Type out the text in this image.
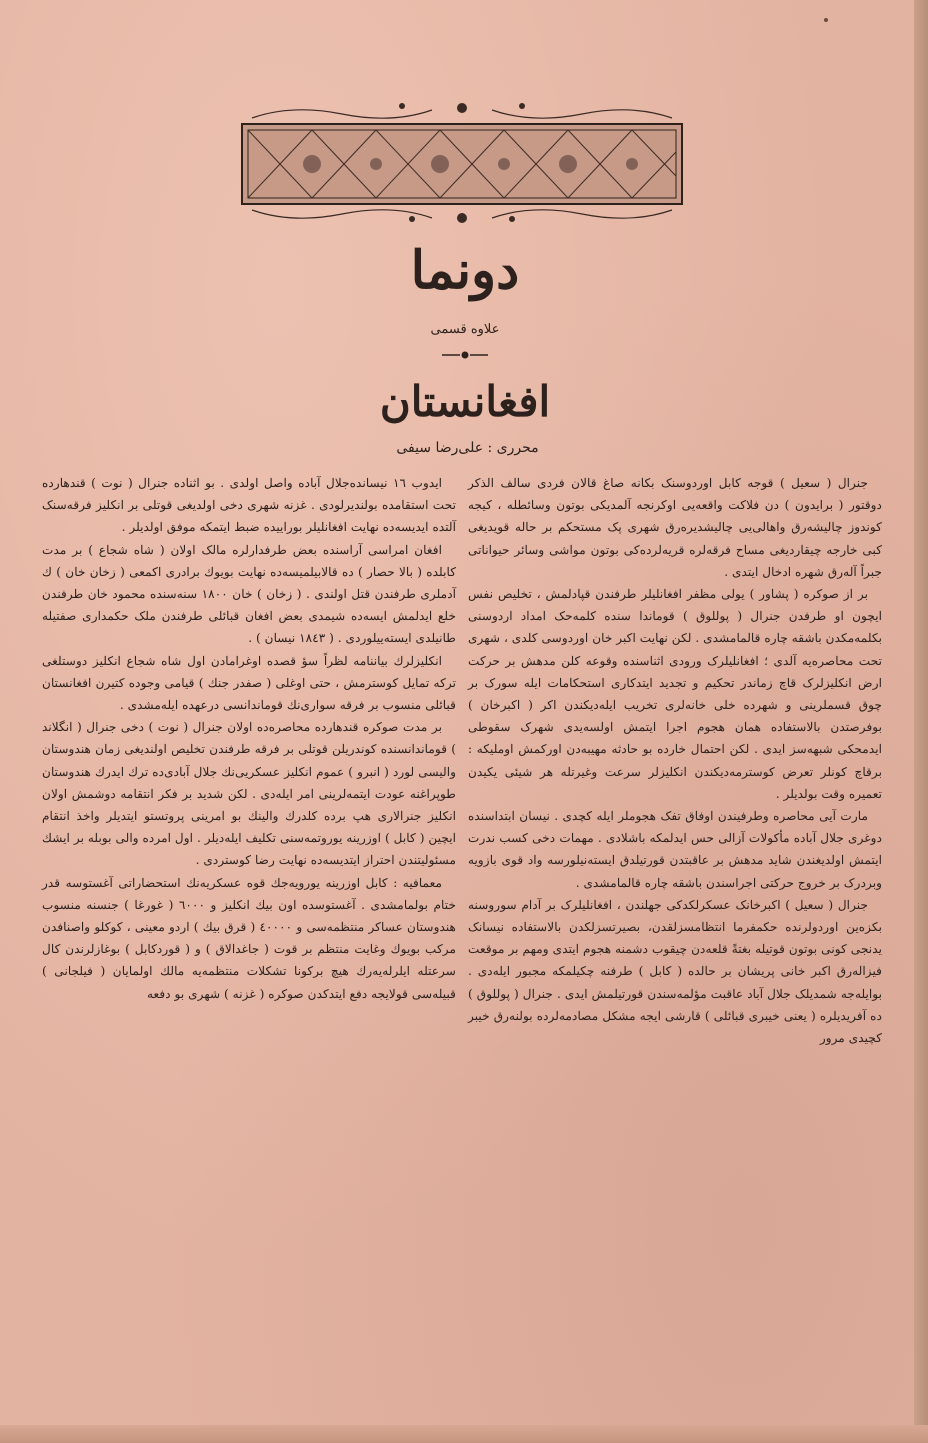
دونما
علاوه قسمی
افغانستان
محرری : علی‌رضا سیفی

جنرال ( سعیل ) قوجه کابل اوردوسنک بکانه صاغ قالان فردی سالف الذکر دوقتور ( برایدون ) دن فلاکت واقعه‌یی اوکرنجه آلمدیکی بوتون وسائطله ، کیجه کوندوز چالیشه‌رق واهالی‌یی چالیشدیره‌رق شهری پک مستحکم بر حاله قویدیغی کبی خارجه چیقاردیغی مساح فرقه‌لره قریه‌لرده‌کی بوتون مواشی وسائر حیواناتی جبراً آله‌رق شهره ادخال ایتدی .

بر از صوکره ( پشاور ) یولی مظفر افغانلیلر طرفندن قپادلمش ، تخلیص نفس ایچون او طرفدن جنرال ( پوللوق ) قوماندا سنده کلمه‌حک امداد اردوسنی بکلمه‌مکدن باشقه چاره قالمامشدی . لکن نهایت اکبر خان اوردوسی کلدی ، شهری تحت محاصره‌یه آلدی ؛ افغانلیلرک ورودی اثناسنده وقوعه کلن مدهش بر حرکت ارض انکلیزلرک قاچ زماندر تحکیم و تجدید ایتدکاری استحکامات ایله سورک بر چوق قسملرینی و شهرده خلی خانه‌لری تخریب ایله‌دیکندن اکر ( اکبرخان ) بوفرصتدن بالاستفاده همان هجوم اجرا ایتمش اولسه‌یدی شهرک سقوطی ایدمحکی شبهه‌سز ایدی . لکن احتمال خارده بو حادثه مهیبه‌دن اورکمش اوملیکه : برقاچ کونلر تعرض کوسترمه‌دیکندن انکلیزلر سرعت وغیرتله هر شیئی یکیدن تعمیره وقت بولدیلر .

مارت آیی محاصره وطرفیندن اوفاق تفک هجوملر ایله کچدی . نیسان ابتداسنده دوغری جلال آباده مأکولات آزالی حس ایدلمکه باشلادی . مهمات دخی کسب ندرت ایتمش اولدیغندن شاید مدهش بر عاقبتدن قورتیلدق ایسته‌نیلورسه واد قوی بازویه وبردرک بر خروج حرکتی اجراسندن باشقه چاره قالمامشدی .

جنرال ( سعیل ) اکبرخانک عسکرلکدکی جهلندن ، افغانلیلرک بر آدام سوروسنه بکزه‌ین اوردولرنده حکمفرما انتظامسزلقدن، بصیرتسزلکدن بالاستفاده نیسانک یدنجی کونی بوتون قوتیله بغتةً قلعه‌دن چیقوب دشمنه هجوم ایتدی ومهم بر موقعت فیزاله‌رق اکبر خانی پریشان بر حالده ( کابل ) طرفنه چکیلمکه مجبور ایله‌دی . بوایله‌جه شمدیلک جلال آباد عاقبت مؤلمه‌سندن قورتیلمش ایدی . جنرال ( پوللوق ) ده آفریدیلره ( یعنی خیبری قبائلی ) قارشی ایجه مشکل مصادمه‌لرده بولنه‌رق خیبر کچیدی مرور

ایدوب ١٦ نیسانده‌جلال آباده واصل اولدی . بو اثناده جنرال ( نوت ) قندهارده تحت استقامده بولندیرلودی . غزنه شهری دخی اولدیغی قوتلی بر انکلیز فرقه‌سنک آلتده ایدیسه‌ده نهایت افغانلیلر بوراییده ضبط ایتمکه موفق اولدیلر .

افغان امراسی آراسنده بعض طرفدارلره مالک اولان ( شاه شجاع ) بر مدت کابلده ( بالا حصار ) ده قالابیلمیسه‌ده نهایت بویوك برادری اکمعی ( زخان خان ) ك آدملری طرفندن قتل اولندی . ( زخان ) خان ١٨٠٠ سنه‌سنده محمود خان طرفندن خلع ایدلمش ایسه‌ده شیمدی بعض افغان قبائلی طرفندن ملک حکمداری صفتیله طانیلدی ایسته‌ییلوردی . ( ١٨٤٣ نیسان ) .

انکلیزلرك بیاننامه لظراً سؤ قصده اوغرامادن اول شاه شجاع انکلیز دوستلغی ترکه تمایل کوسترمش ، حتی اوغلی ( صفدر جنك ) قیامی وجوده کتیرن افغانستان قبائلی منسوب بر فرقه سواری‌نك قوماندانسی درعهده ایله‌مشدی .

بر مدت صوکره قندهارده محاصره‌ده اولان جنرال ( نوت ) دخی جنرال ( انگلاند ) قوماندانسنده کوندریلن قوتلی بر فرقه طرفندن تخلیص اولندیغی زمان هندوستان والیسی لورد ( انبرو ) عموم انکلیز عسکریی‌نك جلال آبادی‌ده ترك ایدرك هندوستان طوپراغنه عودت ایتمه‌لرینی امر ایله‌دی . لکن شدید بر فکر انتقامه دوشمش اولان انکلیز جنرالاری هپ برده کلدرك والینك بو امرینی پروتستو ایتدیلر واخذ انتقام ایچین ( کابل ) اوزرینه یوروتمه‌سنی تکلیف ایله‌دیلر . اول امرده والی بوبله بر ایشك مسئولیتندن احتراز ایتدیسه‌ده نهایت رضا کوستردی .

معمافیه : کابل اوزرینه یورویه‌جك قوه عسکریه‌نك استحضاراتی آغستوسه قدر ختام بولمامشدی . آغستوسده اون بیك انکلیز و ٦٠٠٠ ( غورغا ) جنسنه منسوب هندوستان عساکر منتظمه‌سی و ٤٠٠٠٠ ( قرق بیك ) اردو معینی ، کوکلو واصنافدن مرکب بویوك وغایت منتظم بر قوت ( جاغدالاق ) و ( قوردکابل ) بوغازلرندن کال سرعتله ایلرله‌یه‌رك هیچ برکونا تشکلات منتظمه‌یه مالك اولمایان ( فیلجانی ) قبیله‌سی قولایجه دفع ایتدکدن صوکره ( غزنه ) شهری بو دفعه
